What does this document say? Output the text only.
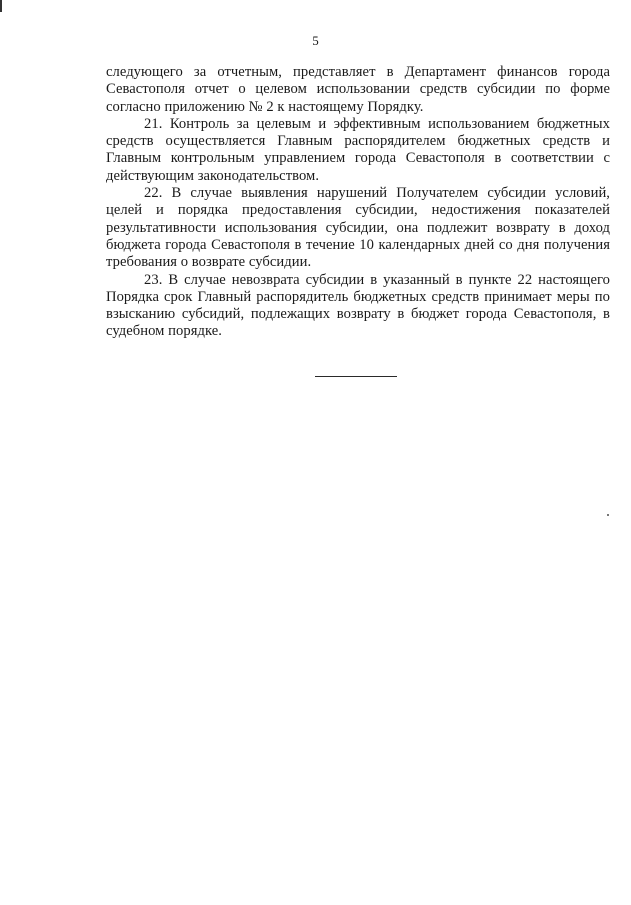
5

следующего за отчетным, представляет в Департамент финансов города Севастополя отчет о целевом использовании средств субсидии по форме согласно приложению № 2 к настоящему Порядку.

21. Контроль за целевым и эффективным использованием бюджетных средств осуществляется Главным распорядителем бюджетных средств и Главным контрольным управлением города Севастополя в соответствии с действующим законодательством.

22. В случае выявления нарушений Получателем субсидии условий, целей и порядка предоставления субсидии, недостижения показателей результативности использования субсидии, она подлежит возврату в доход бюджета города Севастополя в течение 10 календарных дней со дня получения требования о возврате субсидии.

23. В случае невозврата субсидии в указанный в пункте 22 настоящего Порядка срок Главный распорядитель бюджетных средств принимает меры по взысканию субсидий, подлежащих возврату в бюджет города Севастополя, в судебном порядке.
